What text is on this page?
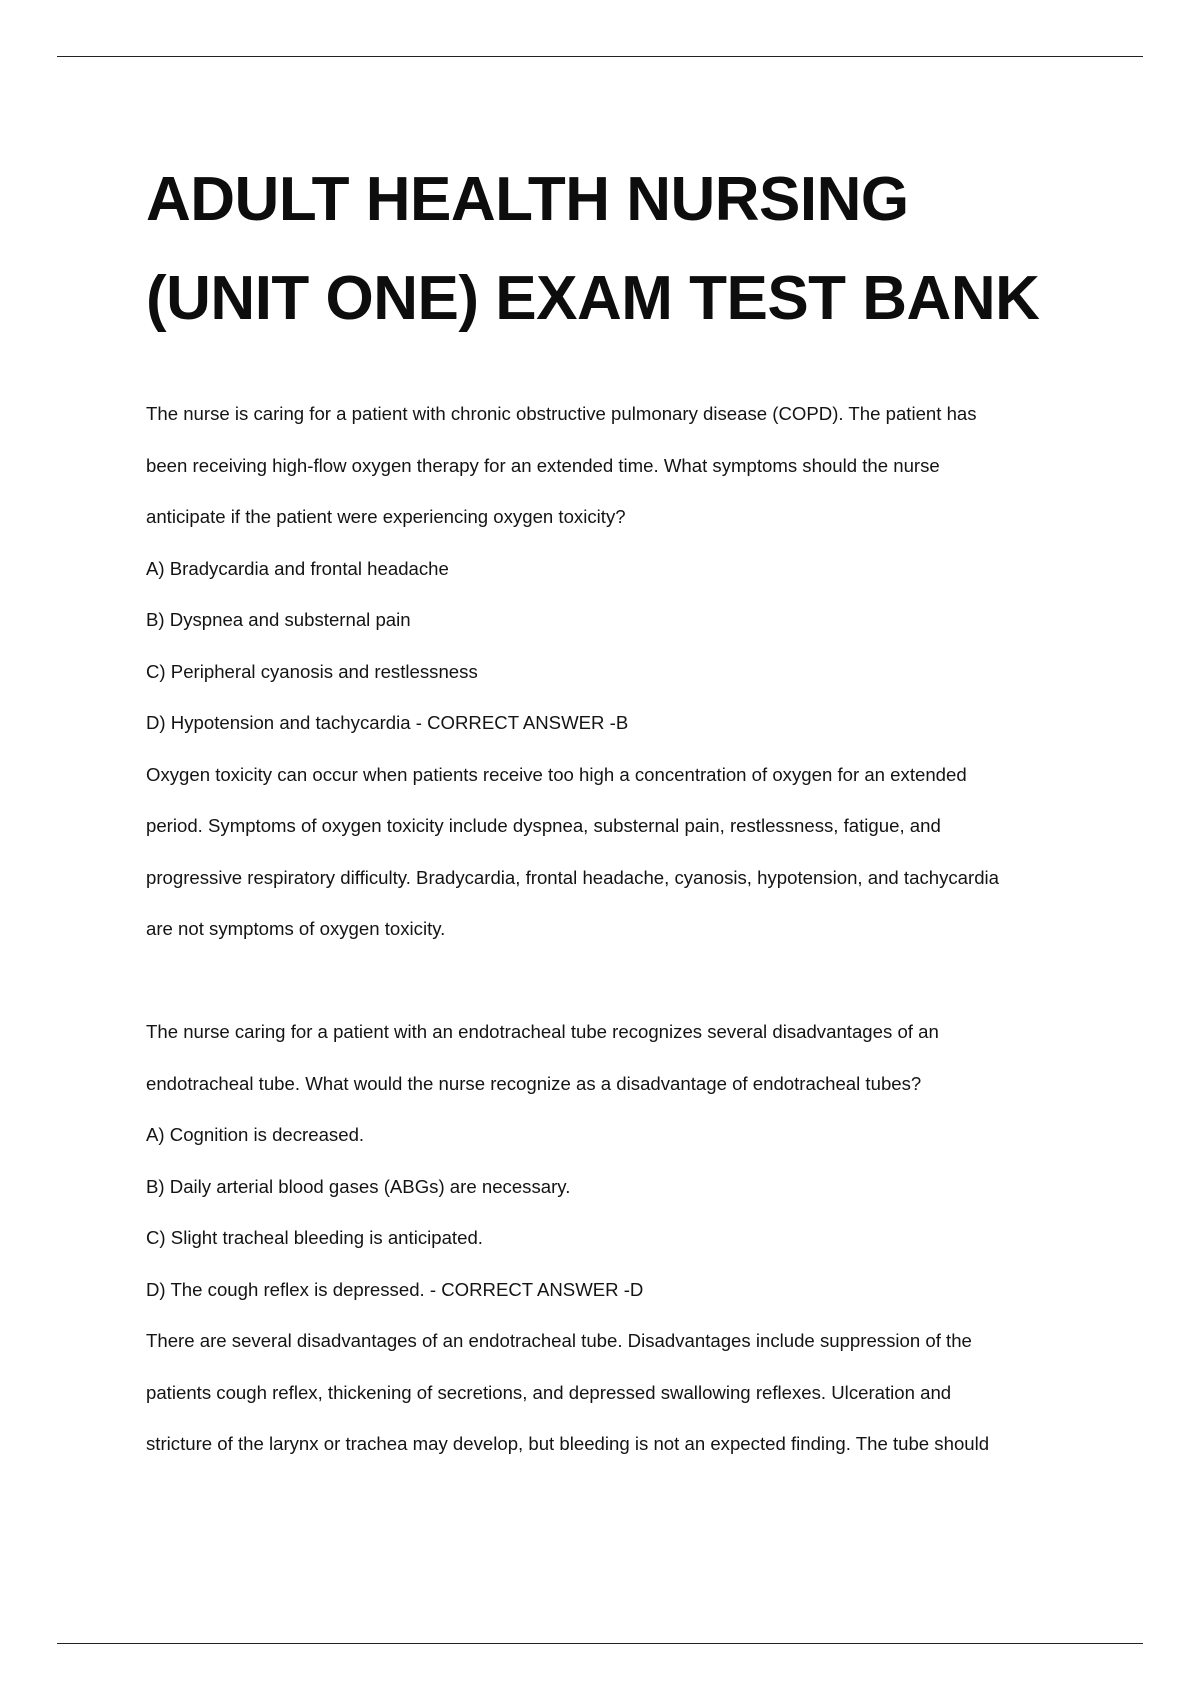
ADULT HEALTH NURSING
(UNIT ONE) EXAM TEST BANK
The nurse is caring for a patient with chronic obstructive pulmonary disease (COPD). The patient has
been receiving high-flow oxygen therapy for an extended time. What symptoms should the nurse
anticipate if the patient were experiencing oxygen toxicity?
A) Bradycardia and frontal headache
B) Dyspnea and substernal pain
C) Peripheral cyanosis and restlessness
D) Hypotension and tachycardia - CORRECT ANSWER -B
Oxygen toxicity can occur when patients receive too high a concentration of oxygen for an extended
period. Symptoms of oxygen toxicity include dyspnea, substernal pain, restlessness, fatigue, and
progressive respiratory difficulty. Bradycardia, frontal headache, cyanosis, hypotension, and tachycardia
are not symptoms of oxygen toxicity.
The nurse caring for a patient with an endotracheal tube recognizes several disadvantages of an
endotracheal tube. What would the nurse recognize as a disadvantage of endotracheal tubes?
A) Cognition is decreased.
B) Daily arterial blood gases (ABGs) are necessary.
C) Slight tracheal bleeding is anticipated.
D) The cough reflex is depressed. - CORRECT ANSWER -D
There are several disadvantages of an endotracheal tube. Disadvantages include suppression of the
patients cough reflex, thickening of secretions, and depressed swallowing reflexes. Ulceration and
stricture of the larynx or trachea may develop, but bleeding is not an expected finding. The tube should
